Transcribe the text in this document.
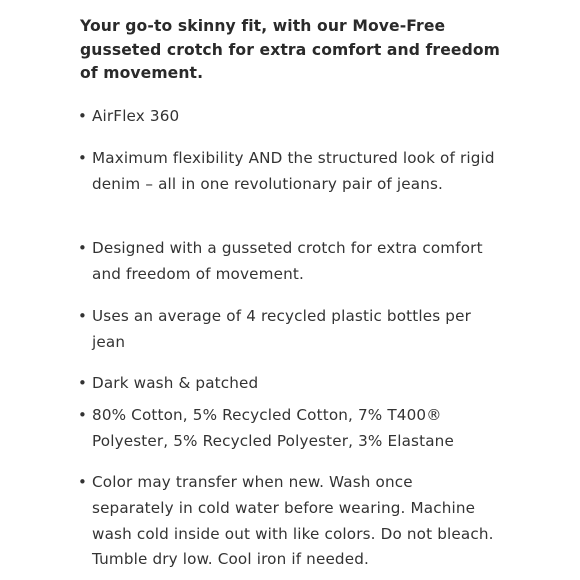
Your go-to skinny fit, with our Move-Free gusseted crotch for extra comfort and freedom of movement.

• AirFlex 360
• Maximum flexibility AND the structured look of rigid denim – all in one revolutionary pair of jeans.
• Designed with a gusseted crotch for extra comfort and freedom of movement.
• Uses an average of 4 recycled plastic bottles per jean
• Dark wash & patched
• 80% Cotton, 5% Recycled Cotton, 7% T400® Polyester, 5% Recycled Polyester, 3% Elastane
• Color may transfer when new. Wash once separately in cold water before wearing. Machine wash cold inside out with like colors. Do not bleach. Tumble dry low. Cool iron if needed.
